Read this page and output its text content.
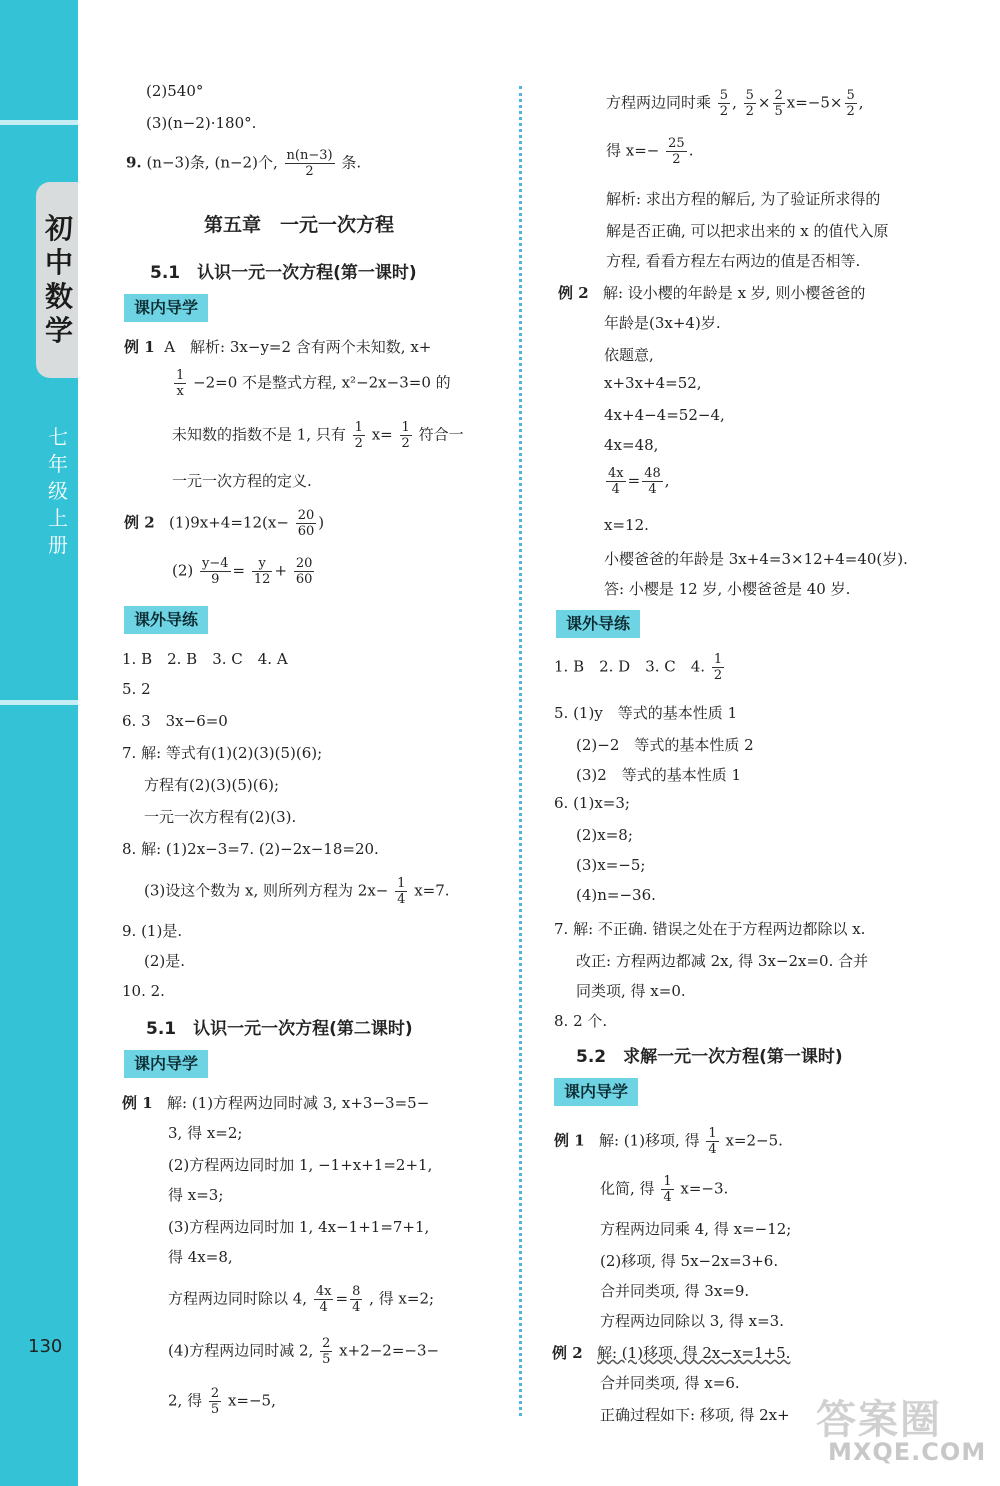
初中数学
七年级上册
(2)540°
(3)(n−2)·180°.
9. (n−3)条, (n−2)个, $\frac{n(n-3)}{2}$ 条.
第五章　一元一次方程
5.1　认识一元一次方程(第一课时)
课内导学
例 1 A　解析: 3x−y=2 含有两个未知数, x+
$\frac{1}{x} -2=0$ 不是整式方程, x²−2x−3=0 的
未知数的指数不是 1, 只有 $\frac{1}{2} x= \frac{1}{2}$ 符合一
一元一次方程的定义.
例 2 $(1)9x+4=12(x- \frac{20}{60}$ )
$(2) \frac{y-4}{9} = \frac{y}{12} + \frac{20}{60}$
课外导练
1. B　2. B　3. C　4. A
5. 2
6. 3　3x−6=0
7. 解: 等式有(1)(2)(3)(5)(6);
方程有(2)(3)(5)(6);
一元一次方程有(2)(3).
8. 解: (1)2x−3=7. (2)−2x−18=20.
(3)设这个数为 x, 则所列方程为 $2x- \frac{1}{4} x=7$.
9. (1)是.
(2)是.
10. 2.
5.1　认识一元一次方程(第二课时)
课内导学
例 1 解: (1)方程两边同时减 3, x+3−3=5−
3, 得 x=2;
(2)方程两边同时加 1, −1+x+1=2+1,
得 x=3;
(3)方程两边同时加 1, 4x−1+1=7+1,
得 4x=8,
方程两边同时除以 4, $\frac{4x}{4} = \frac{8}{4}$ , 得 x=2;
(4)方程两边同时减 2, $\frac{2}{5} x+2-2=-3-$
2, 得 $\frac{2}{5} x=-5$,
方程两边同时乘 $\frac{5}{2}$ , $\frac{5}{2} \times \frac{2}{5} x=-5\times \frac{5}{2}$ ,
得 $x=- \frac{25}{2}$ .
解析: 求出方程的解后, 为了验证所求得的
解是否正确, 可以把求出来的 x 的值代入原
方程, 看看方程左右两边的值是否相等.
例 2 解: 设小樱的年龄是 x 岁, 则小樱爸爸的
年龄是(3x+4)岁.
依题意,
x+3x+4=52,
4x+4−4=52−4,
4x=48,
$\frac{4x}{4} = \frac{48}{4}$ ,
x=12.
小樱爸爸的年龄是 3x+4=3×12+4=40(岁).
答: 小樱是 12 岁, 小樱爸爸是 40 岁.
课外导练
1. B　2. D　3. C　4. $\frac{1}{2}$
5. (1)y　等式的基本性质 1
(2)−2　等式的基本性质 2
(3)2　等式的基本性质 1
6. (1)x=3;
(2)x=8;
(3)x=−5;
(4)n=−36.
7. 解: 不正确. 错误之处在于方程两边都除以 x.
改正: 方程两边都减 2x, 得 3x−2x=0. 合并
同类项, 得 x=0.
8. 2 个.
5.2　求解一元一次方程(第一课时)
课内导学
例 1 解: (1)移项, 得 $\frac{1}{4} x=2-5$.
化简, 得 $\frac{1}{4} x=-3$.
方程两边同乘 4, 得 x=−12;
(2)移项, 得 5x−2x=3+6.
合并同类项, 得 3x=9.
方程两边同除以 3, 得 x=3.
例 2 解: (1)移项, 得 2x−x=1+5.
合并同类项, 得 x=6.
正确过程如下: 移项, 得 2x+
130
答案圈
MXQE.COM
